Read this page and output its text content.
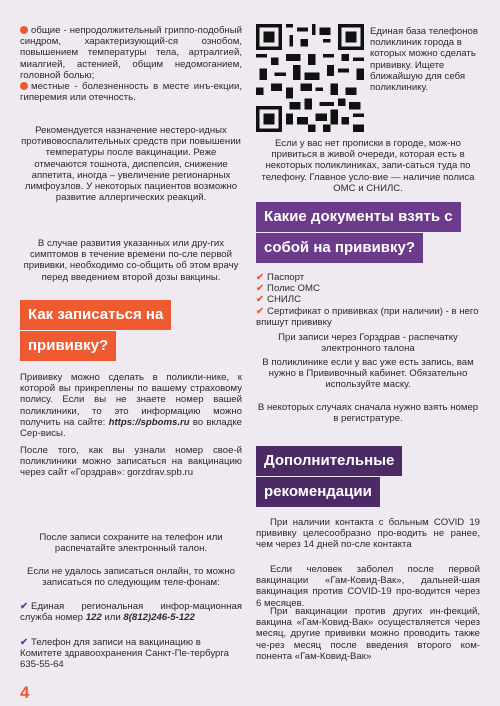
общие - непродолжительный гриппо-подобный синдром, характеризующий-ся ознобом, повышением температуры тела, артралгией, миалгией, астенией, общим недомоганием, головной болью;

местные - болезненность в месте инъ-екции, гиперемия или отечность.

Рекомендуется назначение нестеро-идных противовоспалительных средств при повышении температуры после вакцинации. Реже отмечаются тошнота, диспепсия, снижение аппетита, иногда – увеличение регионарных лимфоузлов. У некоторых пациентов возможно развитие аллергических реакций.

В случае развития указанных или дру-гих симптомов в течение времени по-сле первой прививки, необходимо со-общить об этом врачу перед введением второй дозы вакцины.

Как записаться на
прививку?

Прививку можно сделать в поликли-нике, к которой вы прикреплены по вашему страховому полису. Если вы не знаете номер вашей поликлиники, то это информацию можно получить на сайте: https://spboms.ru во вкладке Сер-висы.

После того, как вы узнали номер свое-й поликлиники можно записаться на вакцинацию через сайт «Горздрав»: gorzdrav.spb.ru

После записи сохраните на телефон или распечатайте электронный талон.

Если не удалось записаться онлайн, то можно записаться по следующим теле-фонам:

✔ Единая региональная инфор-мационная служба номер 122 или 8(812)246-5-122

✔ Телефон для записи на вакцинацию в Комитете здравоохранения Санкт-Пе-тербурга 635-55-64

Единая база телефонов поликлиник города в которых можно сделать прививку. Ищете ближайшую для себя поликлинику.

Если у вас нет прописки в городе, мож-но привиться в живой очереди, которая есть в некоторых поликлиниках, запи-саться туда по телефону. Главное усло-вие — наличие полиса ОМС и СНИЛС.

Какие документы взять с
собой на прививку?

✔ Паспорт

✔ Полис ОМС

✔ СНИЛС

✔ Сертификат о прививках (при наличии) - в него впишут прививку

При записи через Горздрав - распечатку электронного талона

В поликлинике если у вас уже есть запись, вам нужно в Прививочный кабинет. Обязательно используйте маску.

В некоторых случаях сначала нужно взять номер в регистратуре.

Дополнительные
рекомендации

При наличии контакта с больным COVID 19 прививку целесообразно про-водить не ранее, чем через 14 дней по-сле контакта

Если человек заболел после первой вакцинации «Гам-Ковид-Вак», дальней-шая вакцинация против COVID-19 про-водится через 6 месяцев.

При вакцинации против других ин-фекций, вакцина «Гам-Ковид-Вак» осуществляется через месяц, другие прививки можно проводить также че-рез месяц после введения второго ком-понента «Гам-Ковид-Вак»

4
